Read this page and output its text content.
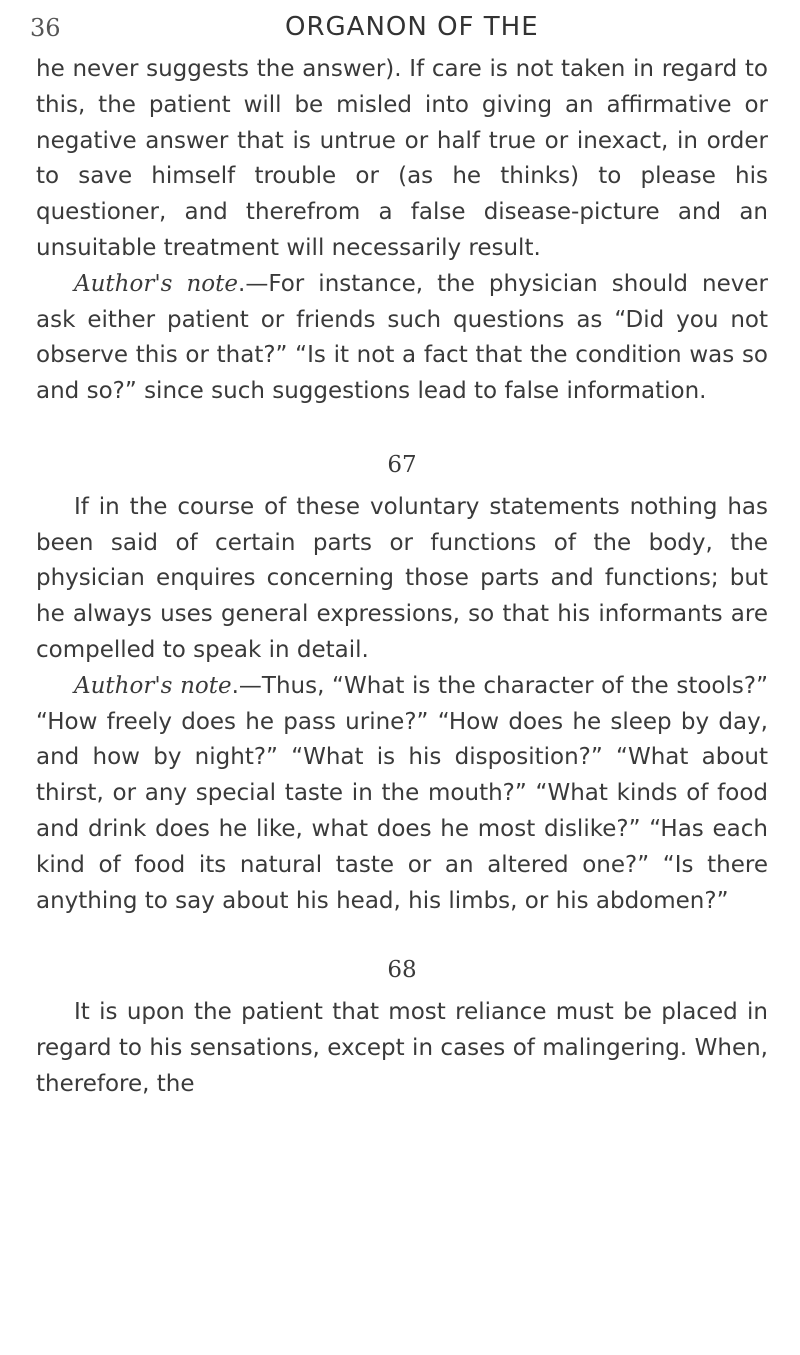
36	ORGANON OF THE

he never suggests the answer). If care is not taken in regard to this, the patient will be misled into giving an affirmative or negative answer that is untrue or half true or inexact, in order to save himself trouble or (as he thinks) to please his questioner, and therefrom a false disease-picture and an unsuitable treatment will necessarily result.

Author's note.—For instance, the physician should never ask either patient or friends such questions as “Did you not observe this or that?” “Is it not a fact that the condition was so and so?” since such suggestions lead to false information.

67

If in the course of these voluntary statements nothing has been said of certain parts or functions of the body, the physician enquires concerning those parts and functions; but he always uses general expressions, so that his informants are compelled to speak in detail.

Author's note.—Thus, “What is the character of the stools?” “How freely does he pass urine?” “How does he sleep by day, and how by night?” “What is his disposition?” “What about thirst, or any special taste in the mouth?” “What kinds of food and drink does he like, what does he most dislike?” “Has each kind of food its natural taste or an altered one?” “Is there anything to say about his head, his limbs, or his abdomen?”

68

It is upon the patient that most reliance must be placed in regard to his sensations, except in cases of malingering. When, therefore, the
